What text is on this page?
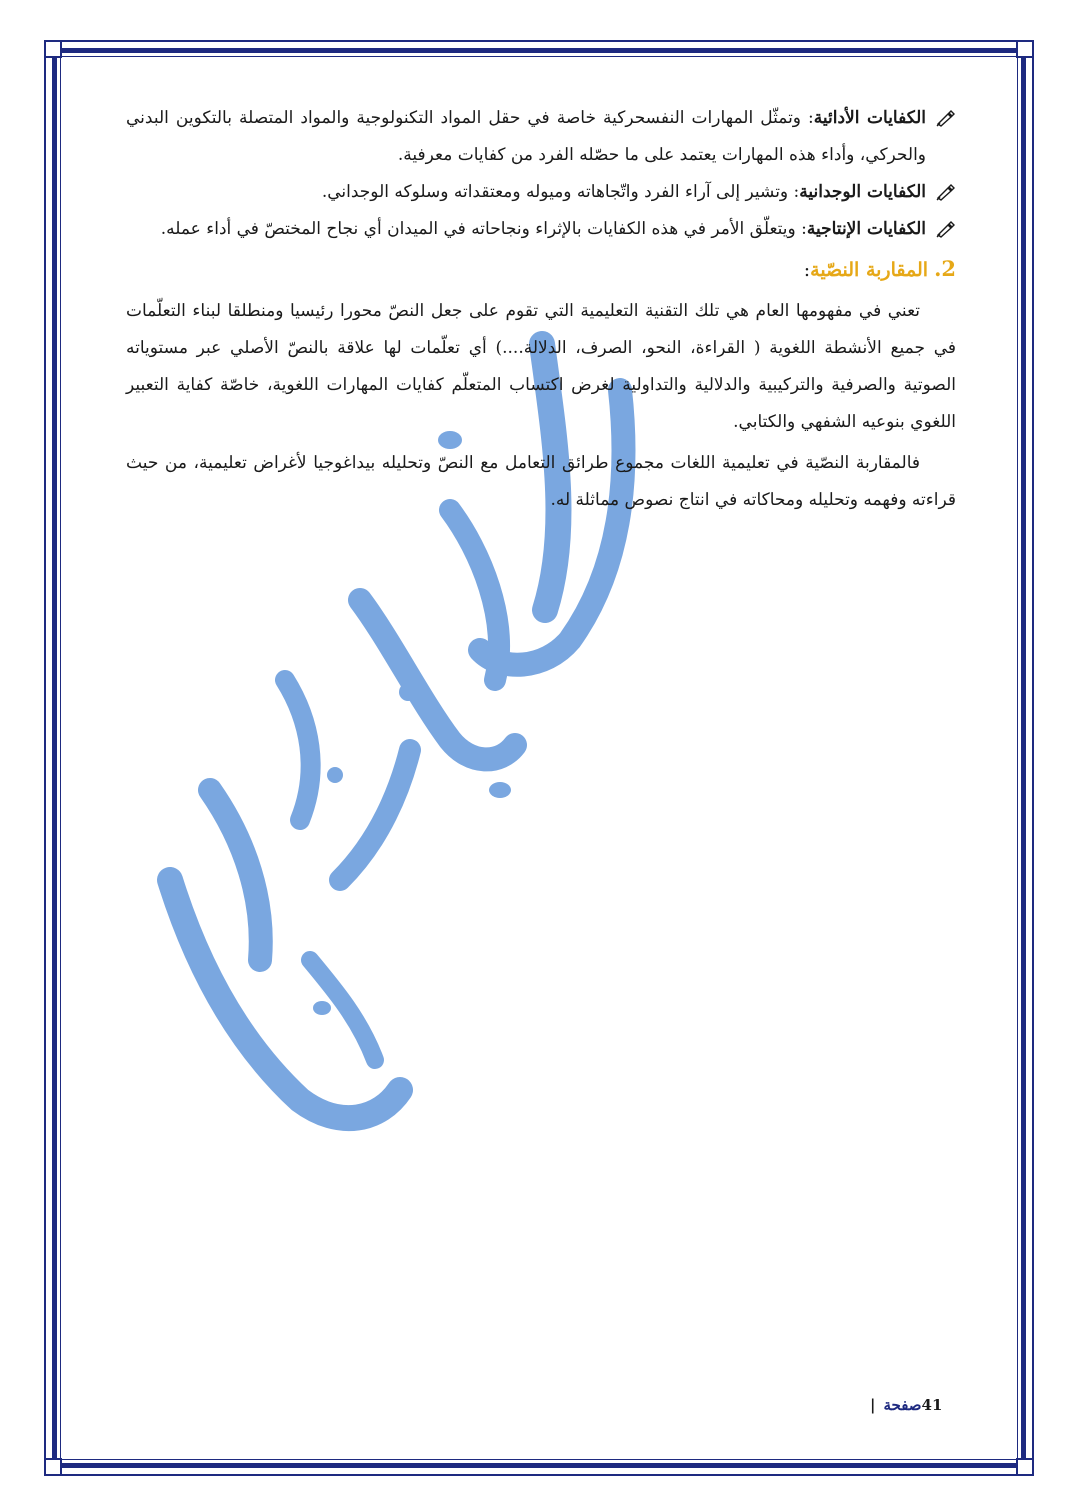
الكفايات الأدائية: وتمثّل المهارات النفسحركية خاصة في حقل المواد التكنولوجية والمواد المتصلة بالتكوين البدني والحركي، وأداء هذه المهارات يعتمد على ما حصّله الفرد من كفايات معرفية.

الكفايات الوجدانية: وتشير إلى آراء الفرد واتّجاهاته وميوله ومعتقداته وسلوكه الوجداني.

الكفايات الإنتاجية: ويتعلّق الأمر في هذه الكفايات بالإثراء ونجاحاته في الميدان أي نجاح المختصّ في أداء عمله.

2.المقاربة النصّية:

تعني في مفهومها العام هي تلك التقنية التعليمية التي تقوم على جعل النصّ محورا رئيسيا ومنطلقا لبناء التعلّمات في جميع الأنشطة اللغوية ( القراءة، النحو، الصرف، الدلالة....) أي تعلّمات لها علاقة بالنصّ الأصلي عبر مستوياته الصوتية والصرفية والتركيبية والدلالية والتداولية لغرض اكتساب المتعلّم كفايات المهارات اللغوية، خاصّة كفاية التعبير اللغوي بنوعيه الشفهي والكتابي.

فالمقاربة النصّية في تعليمية اللغات مجموع طرائق التعامل مع النصّ وتحليله بيداغوجيا لأغراض تعليمية، من حيث قراءته وفهمه وتحليله ومحاكاته في انتاج نصوص مماثلة له.

41صفحة|
